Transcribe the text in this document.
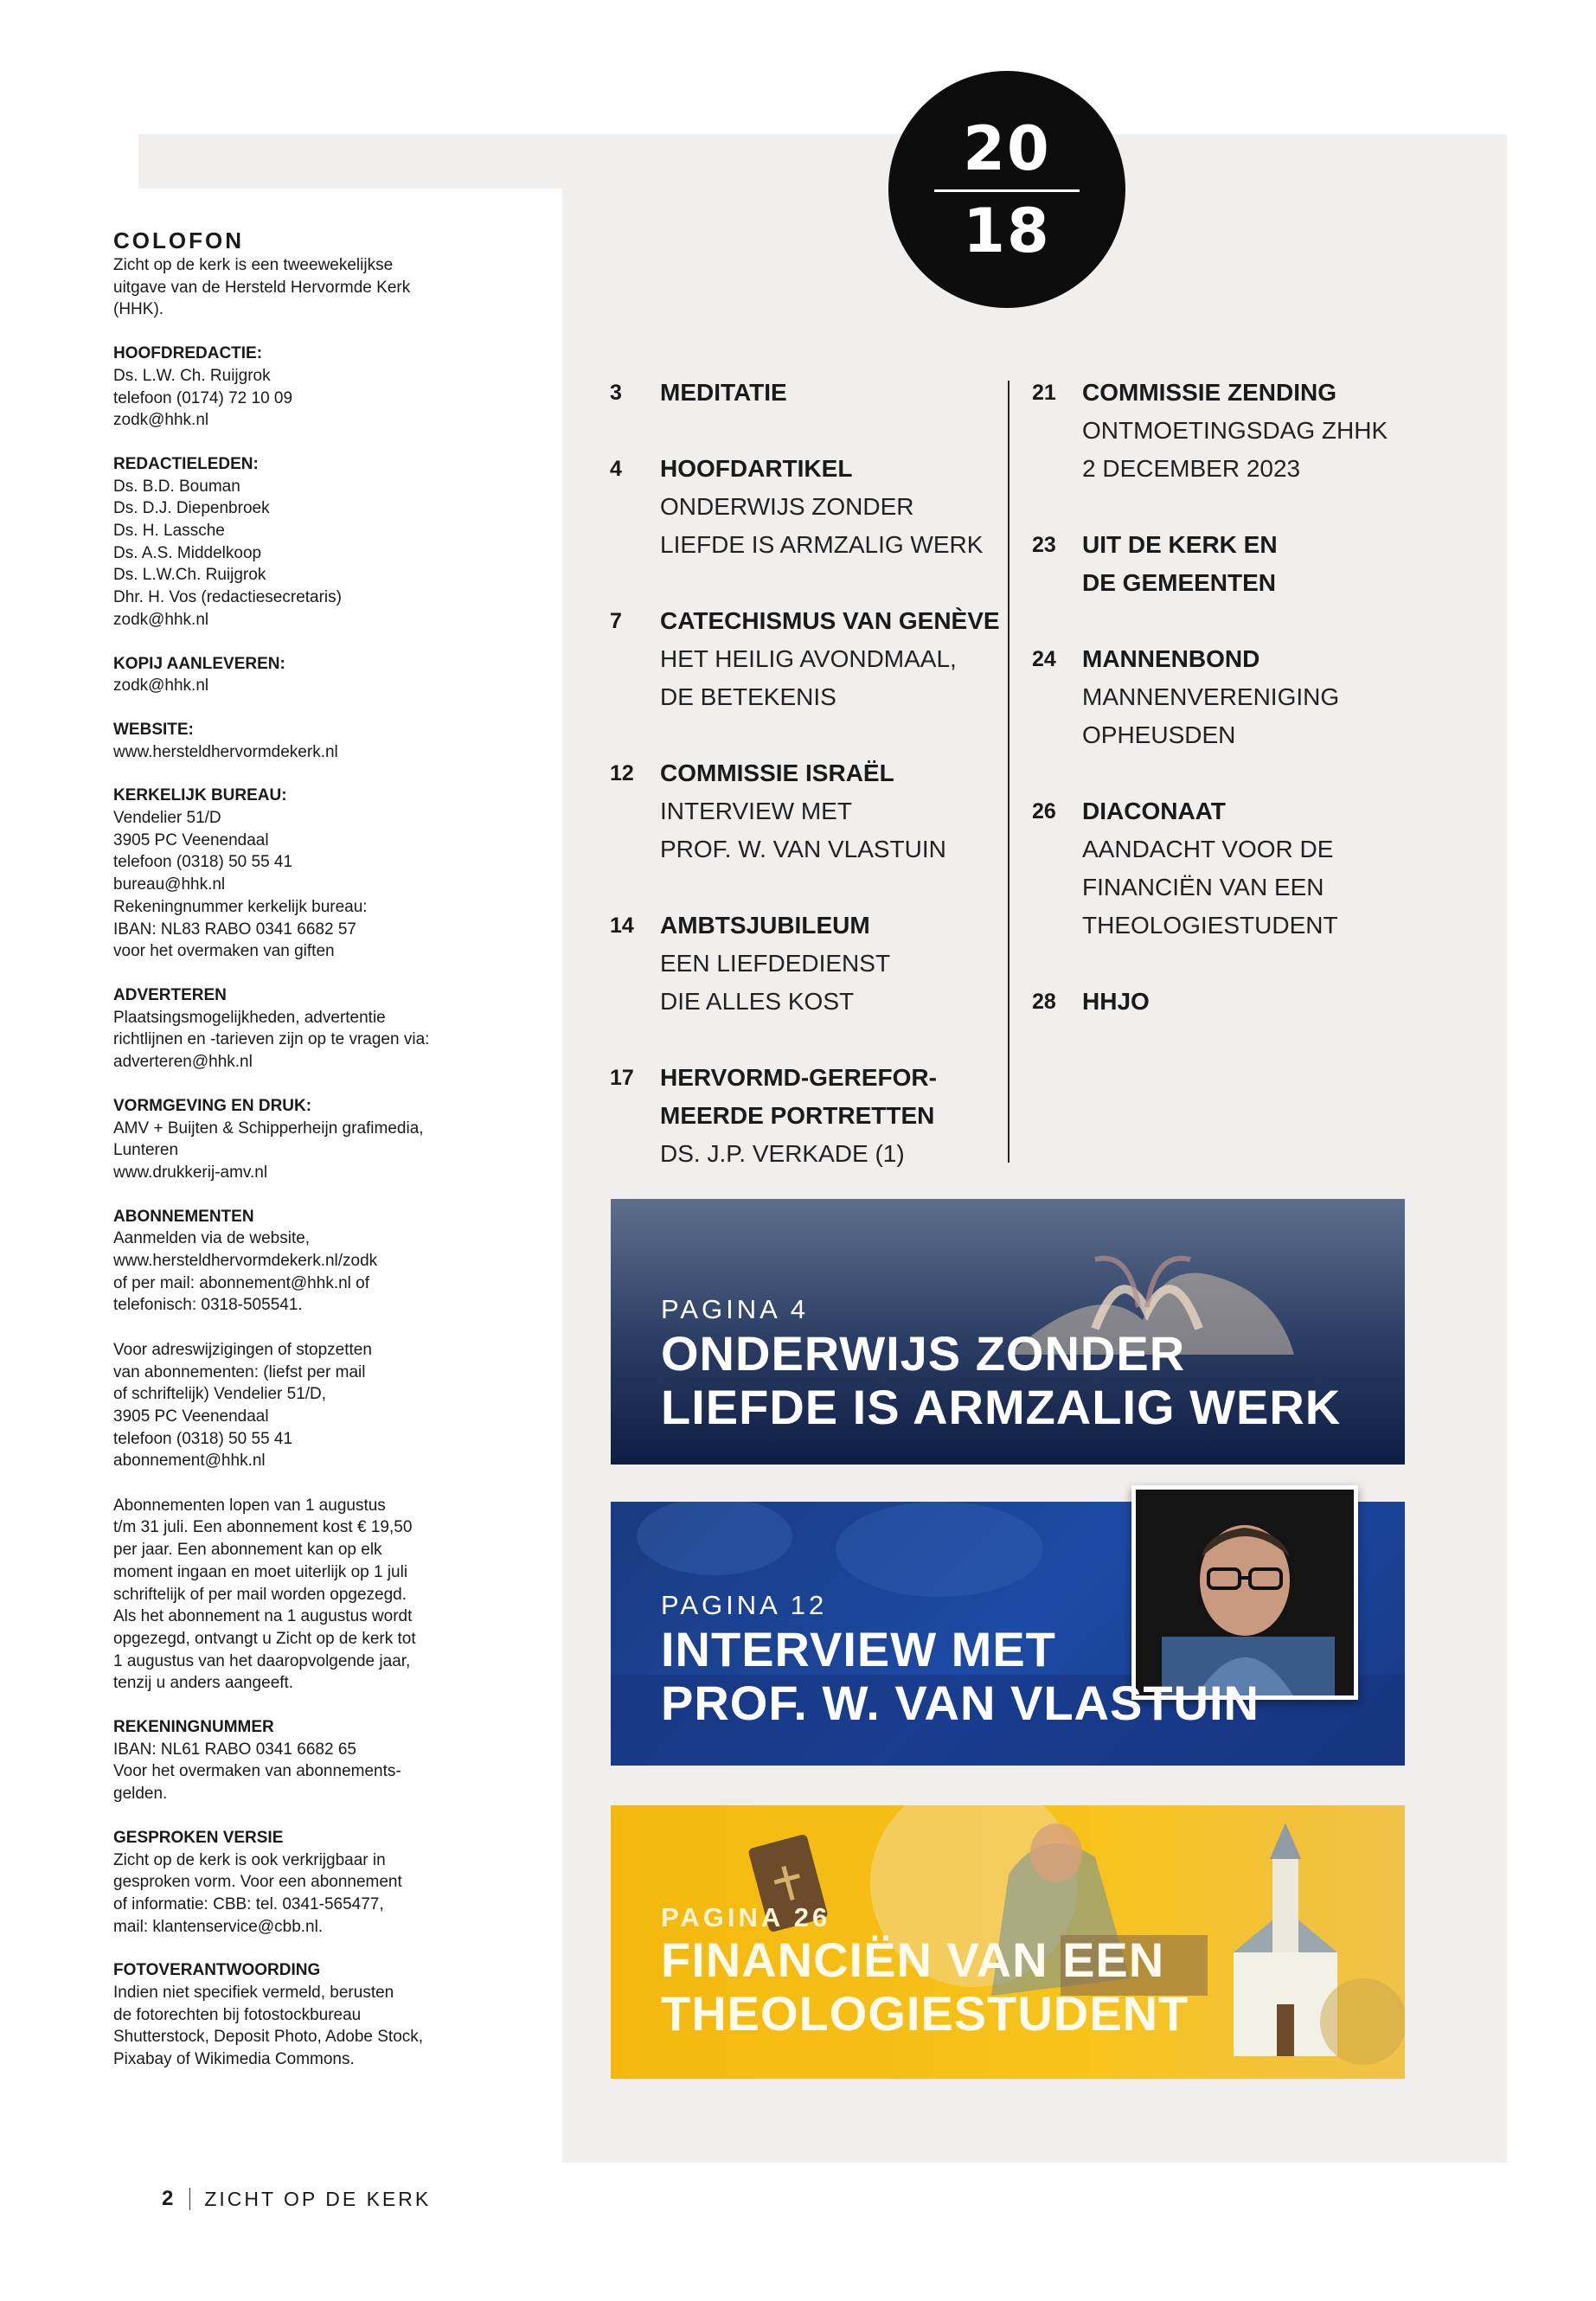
20
18
COLOFON
Zicht op de kerk is een tweewekelijkse
uitgave van de Hersteld Hervormde Kerk
(HHK).
HOOFDREDACTIE:
Ds. L.W. Ch. Ruijgrok
telefoon (0174) 72 10 09
zodk@hhk.nl
REDACTIELEDEN:
Ds. B.D. Bouman
Ds. D.J. Diepenbroek
Ds. H. Lassche
Ds. A.S. Middelkoop
Ds. L.W.Ch. Ruijgrok
Dhr. H. Vos (redactiesecretaris)
zodk@hhk.nl
KOPIJ AANLEVEREN:
zodk@hhk.nl
WEBSITE:
www.hersteldhervormdekerk.nl
KERKELIJK BUREAU:
Vendelier 51/D
3905 PC Veenendaal
telefoon (0318) 50 55 41
bureau@hhk.nl
Rekeningnummer kerkelijk bureau:
IBAN: NL83 RABO 0341 6682 57
voor het overmaken van giften
ADVERTEREN
Plaatsingsmogelijkheden, advertentie
richtlijnen en -tarieven zijn op te vragen via:
adverteren@hhk.nl
VORMGEVING EN DRUK:
AMV + Buijten & Schipperheijn grafimedia,
Lunteren
www.drukkerij-amv.nl
ABONNEMENTEN
Aanmelden via de website,
www.hersteldhervormdekerk.nl/zodk
of per mail: abonnement@hhk.nl of
telefonisch: 0318-505541.
Voor adreswijzigingen of stopzetten
van abonnementen: (liefst per mail
of schriftelijk) Vendelier 51/D,
3905 PC Veenendaal
telefoon (0318) 50 55 41
abonnement@hhk.nl
Abonnementen lopen van 1 augustus
t/m 31 juli. Een abonnement kost € 19,50
per jaar. Een abonnement kan op elk
moment ingaan en moet uiterlijk op 1 juli
schriftelijk of per mail worden opgezegd.
Als het abonnement na 1 augustus wordt
opgezegd, ontvangt u Zicht op de kerk tot
1 augustus van het daaropvolgende jaar,
tenzij u anders aangeeft.
REKENINGNUMMER
IBAN: NL61 RABO 0341 6682 65
Voor het overmaken van abonnements-
gelden.
GESPROKEN VERSIE
Zicht op de kerk is ook verkrijgbaar in
gesproken vorm. Voor een abonnement
of informatie: CBB: tel. 0341-565477,
mail: klantenservice@cbb.nl.
FOTOVERANTWOORDING
Indien niet specifiek vermeld, berusten
de fotorechten bij fotostockbureau
Shutterstock, Deposit Photo, Adobe Stock,
Pixabay of Wikimedia Commons.
3	MEDITATIE
4	HOOFDARTIKEL
ONDERWIJS ZONDER
LIEFDE IS ARMZALIG WERK
7	CATECHISMUS VAN GENÈVE
HET HEILIG AVONDMAAL,
DE BETEKENIS
12	COMMISSIE ISRAËL
INTERVIEW MET
PROF. W. VAN VLASTUIN
14	AMBTSJUBILEUM
EEN LIEFDEDIENST
DIE ALLES KOST
17	HERVORMD-GEREFOR-
MEERDE PORTRETTEN
DS. J.P. VERKADE (1)
21	COMMISSIE ZENDING
ONTMOETINGSDAG ZHHK
2 DECEMBER 2023
23	UIT DE KERK EN
DE GEMEENTEN
24	MANNENBOND
MANNENVERENIGING
OPHEUSDEN
26	DIACONAAT
AANDACHT VOOR DE
FINANCIËN VAN EEN
THEOLOGIESTUDENT
28	HHJO
PAGINA 4
ONDERWIJS ZONDER
LIEFDE IS ARMZALIG WERK
PAGINA 12
INTERVIEW MET
PROF. W. VAN VLASTUIN
PAGINA 26
FINANCIËN VAN EEN
THEOLOGIESTUDENT
2 ZICHT OP DE KERK
